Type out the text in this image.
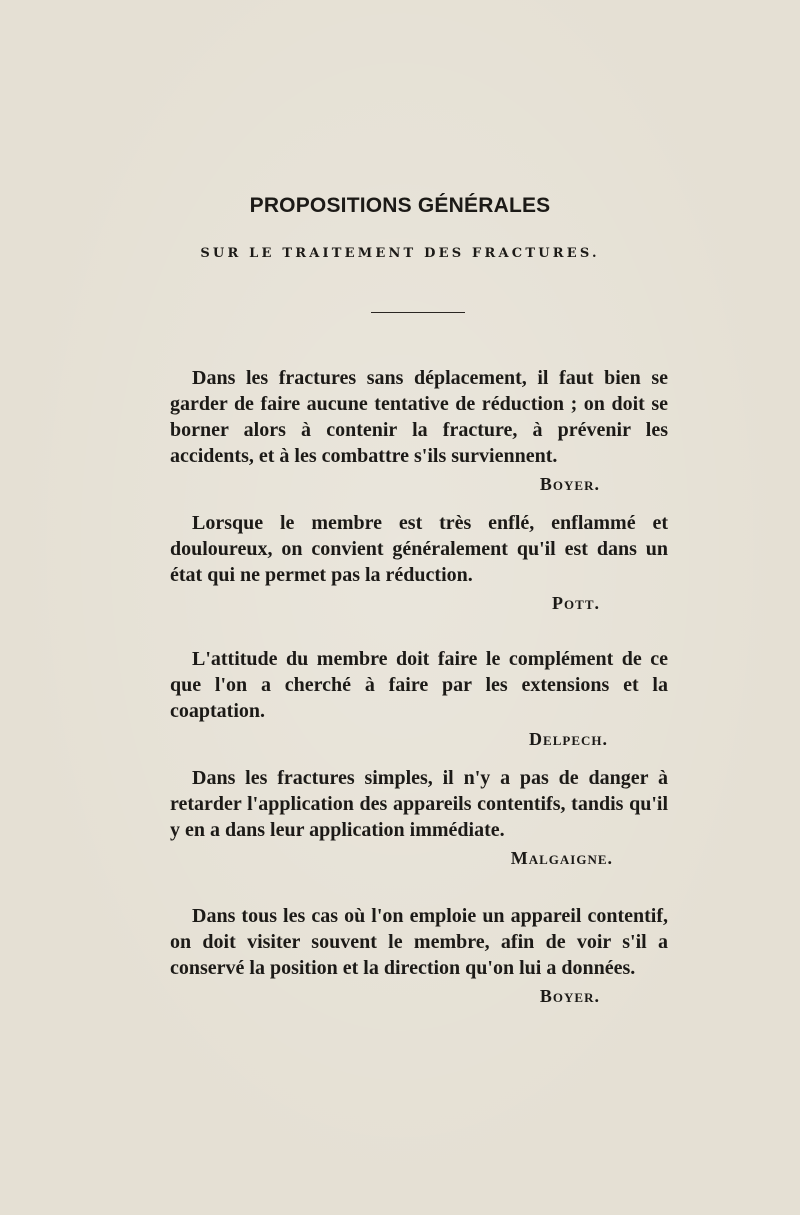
PROPOSITIONS GÉNÉRALES
SUR LE TRAITEMENT DES FRACTURES.

Dans les fractures sans déplacement, il faut bien se garder de faire aucune tentative de réduction ; on doit se borner alors à contenir la fracture, à prévenir les accidents, et à les combattre s'ils surviennent.

Boyer.

Lorsque le membre est très enflé, enflammé et douloureux, on convient généralement qu'il est dans un état qui ne permet pas la réduction.

Pott.

L'attitude du membre doit faire le complément de ce que l'on a cherché à faire par les extensions et la coaptation.

Delpech.

Dans les fractures simples, il n'y a pas de danger à retarder l'application des appareils contentifs, tandis qu'il y en a dans leur application immédiate.

Malgaigne.

Dans tous les cas où l'on emploie un appareil contentif, on doit visiter souvent le membre, afin de voir s'il a conservé la position et la direction qu'on lui a données.

Boyer.
